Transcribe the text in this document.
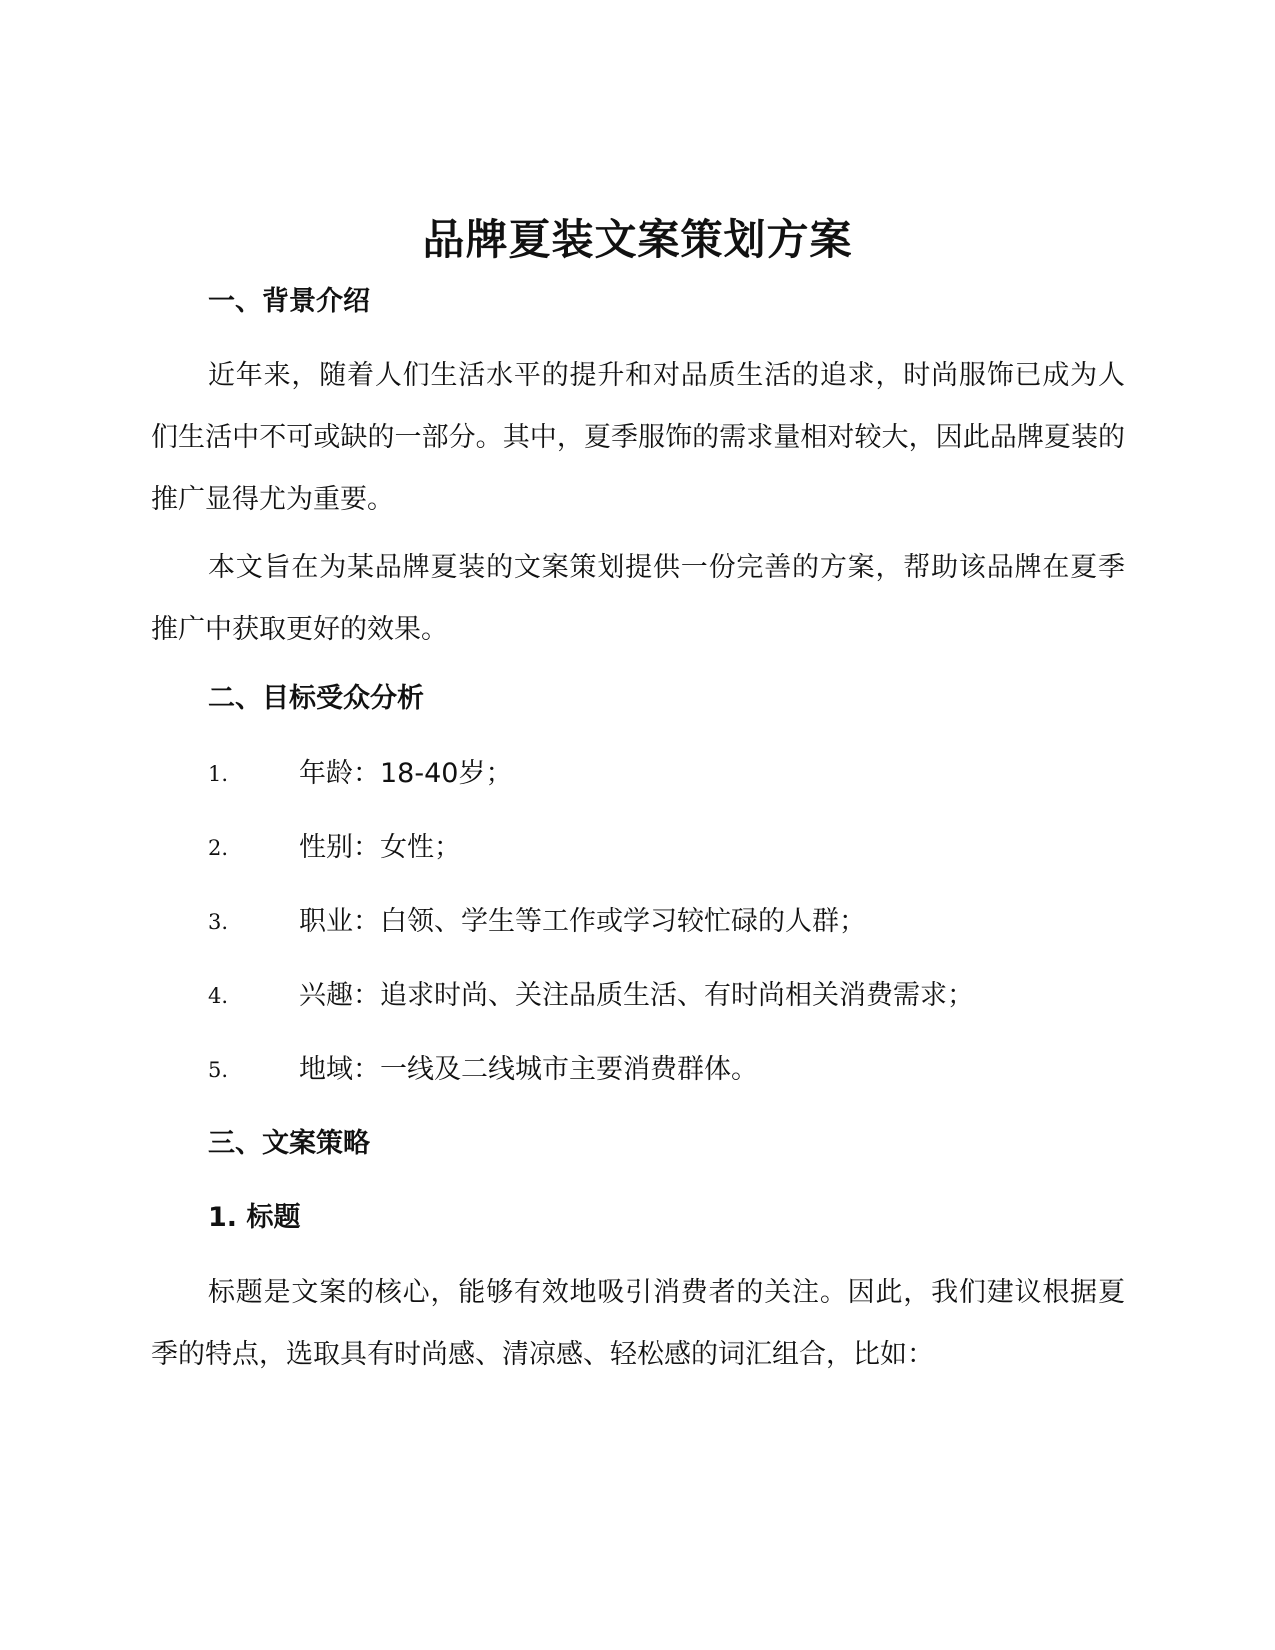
品牌夏装文案策划方案
一、背景介绍
近年来，随着人们生活水平的提升和对品质生活的追求，时尚服饰已成为人们生活中不可或缺的一部分。其中，夏季服饰的需求量相对较大，因此品牌夏装的推广显得尤为重要。
本文旨在为某品牌夏装的文案策划提供一份完善的方案，帮助该品牌在夏季推广中获取更好的效果。
二、目标受众分析
1.	年龄：18-40岁；
2.	性别：女性；
3.	职业：白领、学生等工作或学习较忙碌的人群；
4.	兴趣：追求时尚、关注品质生活、有时尚相关消费需求；
5.	地域：一线及二线城市主要消费群体。
三、文案策略
1. 标题
标题是文案的核心，能够有效地吸引消费者的关注。因此，我们建议根据夏季的特点，选取具有时尚感、清凉感、轻松感的词汇组合，比如：
